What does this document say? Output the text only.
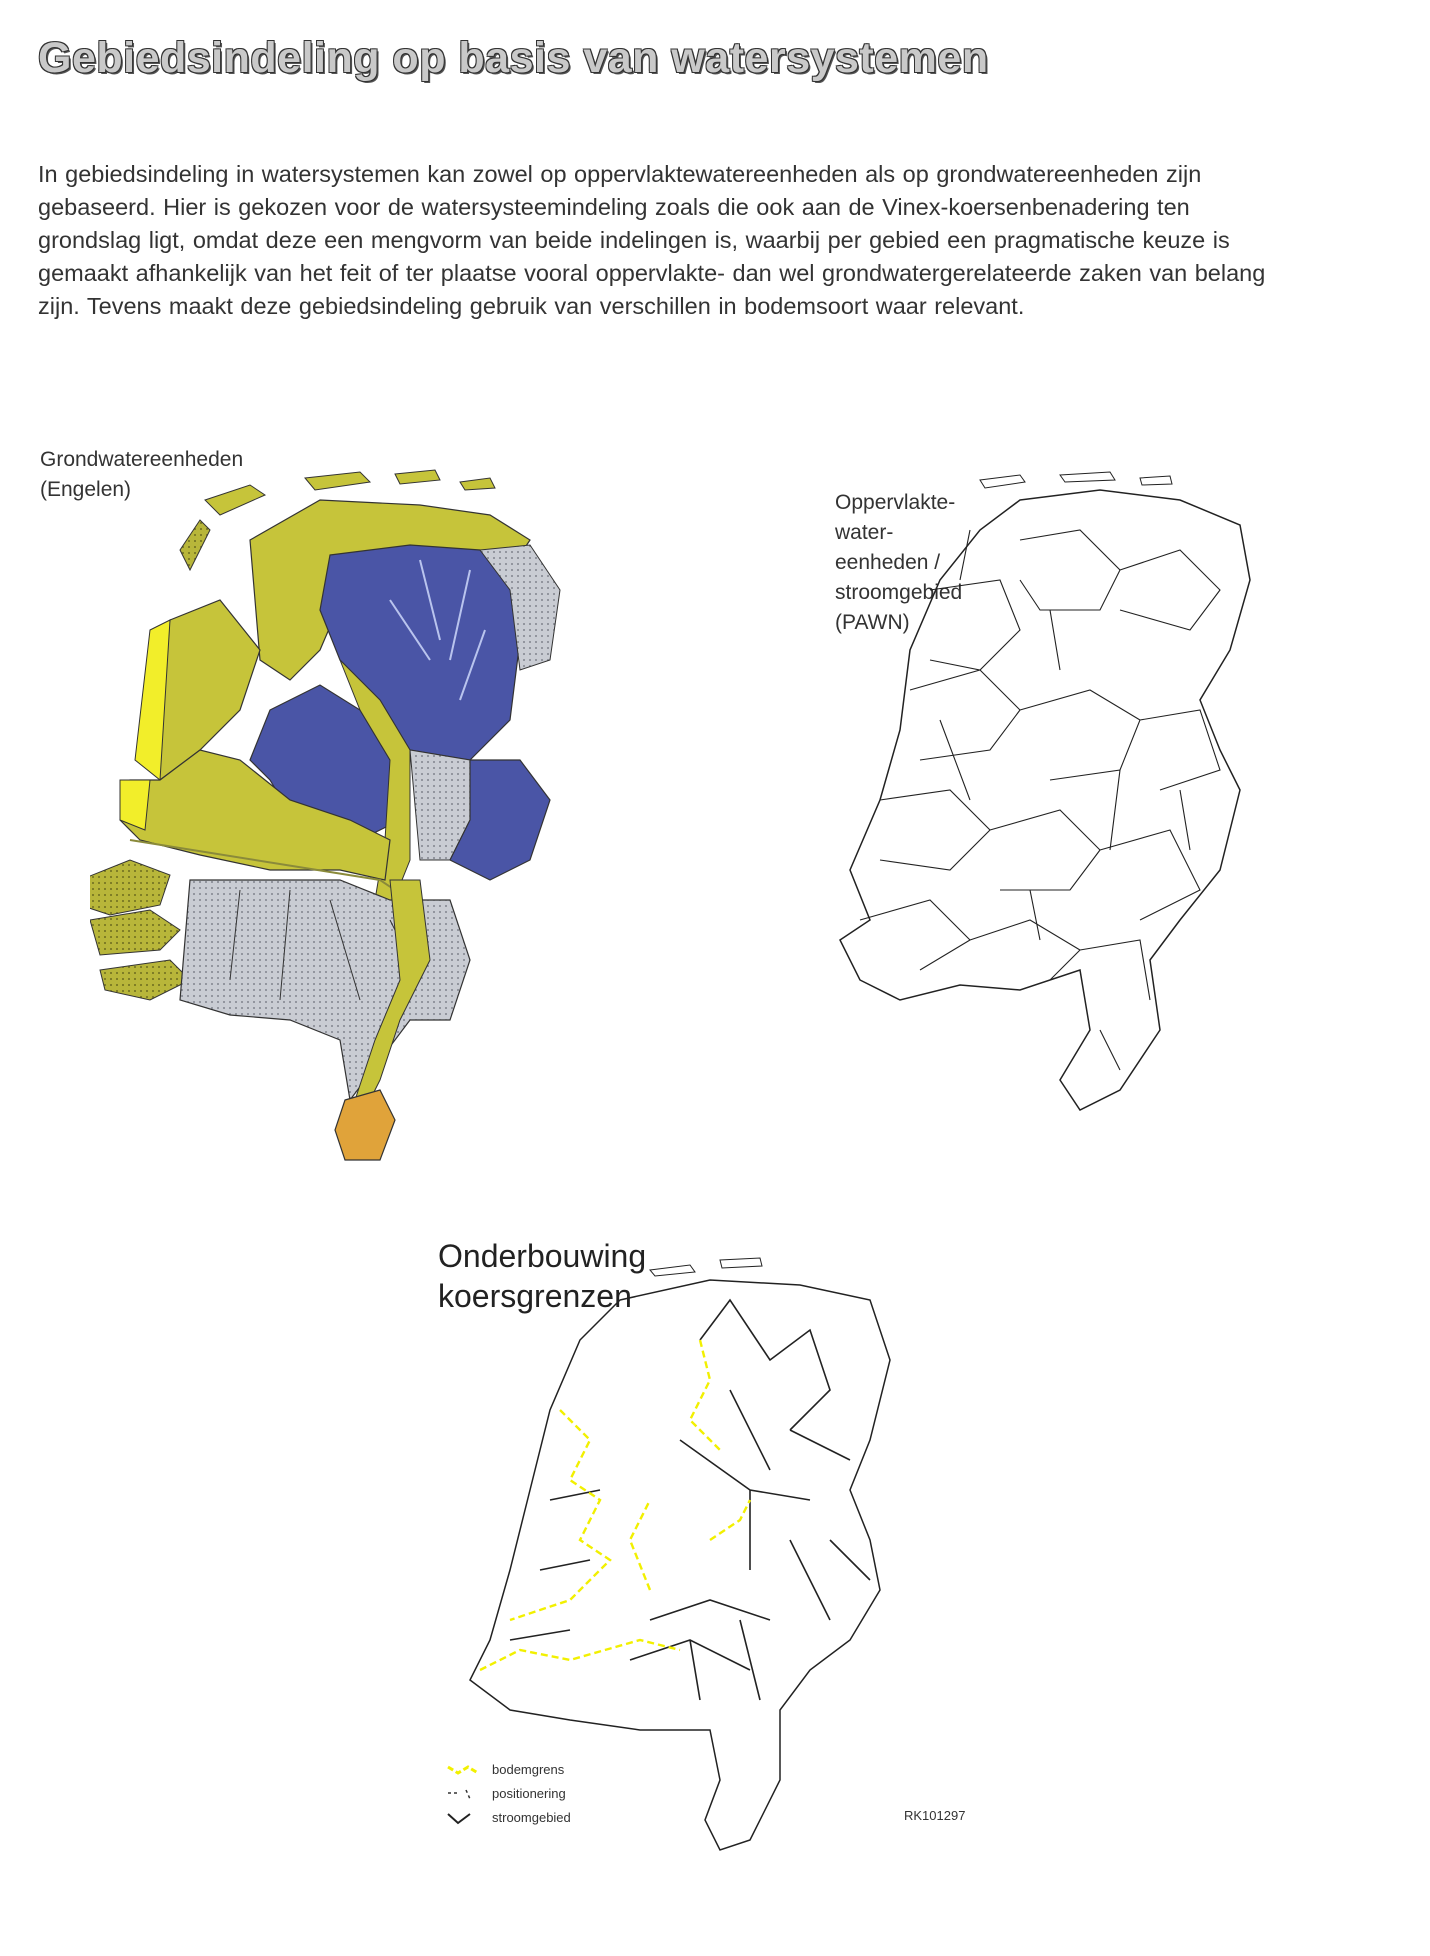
Gebiedsindeling op basis van watersystemen

In gebiedsindeling in watersystemen kan zowel op oppervlaktewatereenheden als op grondwatereenheden zijn gebaseerd. Hier is gekozen voor de watersysteemindeling zoals die ook aan de Vinex-koersenbenadering ten grondslag ligt, omdat deze een mengvorm van beide indelingen is, waarbij per gebied een pragmatische keuze is gemaakt afhankelijk van het feit of ter plaatse vooral oppervlakte- dan wel grondwatergerelateerde zaken van belang zijn. Tevens maakt deze gebiedsindeling gebruik van verschillen in bodemsoort waar relevant.

Grondwatereenheden
(Engelen)
Oppervlakte-
water-
eenheden /
stroomgebied
(PAWN)
Onderbouwing
koersgrenzen
bodemgrens
positionering
stroomgebied	RK101297
